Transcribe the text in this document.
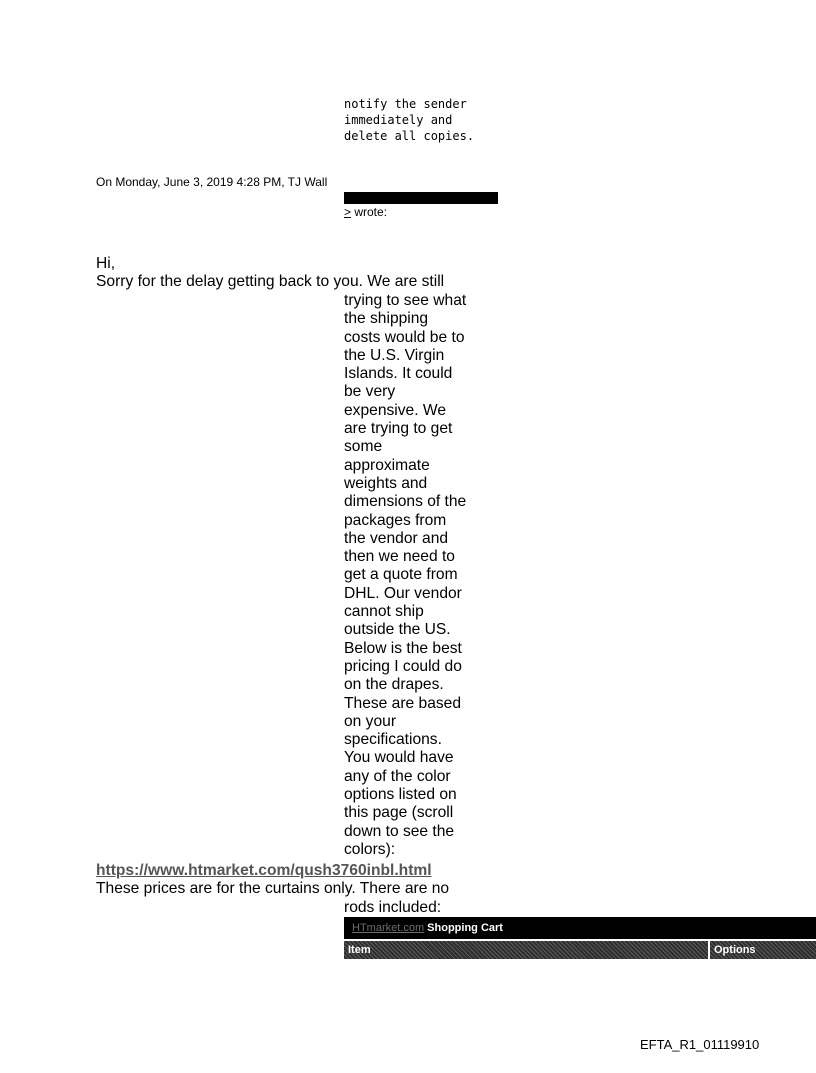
notify the sender
immediately and
delete all copies.
On Monday, June 3, 2019 4:28 PM, TJ Wall
> wrote:
Hi,
Sorry for the delay getting back to you. We are still
trying to see what
the shipping
costs would be to
the U.S. Virgin
Islands. It could
be very
expensive. We
are trying to get
some
approximate
weights and
dimensions of the
packages from
the vendor and
then we need to
get a quote from
DHL. Our vendor
cannot ship
outside the US.
Below is the best
pricing I could do
on the drapes.
These are based
on your
specifications.
You would have
any of the color
options listed on
this page (scroll
down to see the
colors):
https://www.htmarket.com/qush3760inbl.html
These prices are for the curtains only. There are no
rods included:
HTmarket.com Shopping Cart
Item	Options
EFTA_R1_01119910
